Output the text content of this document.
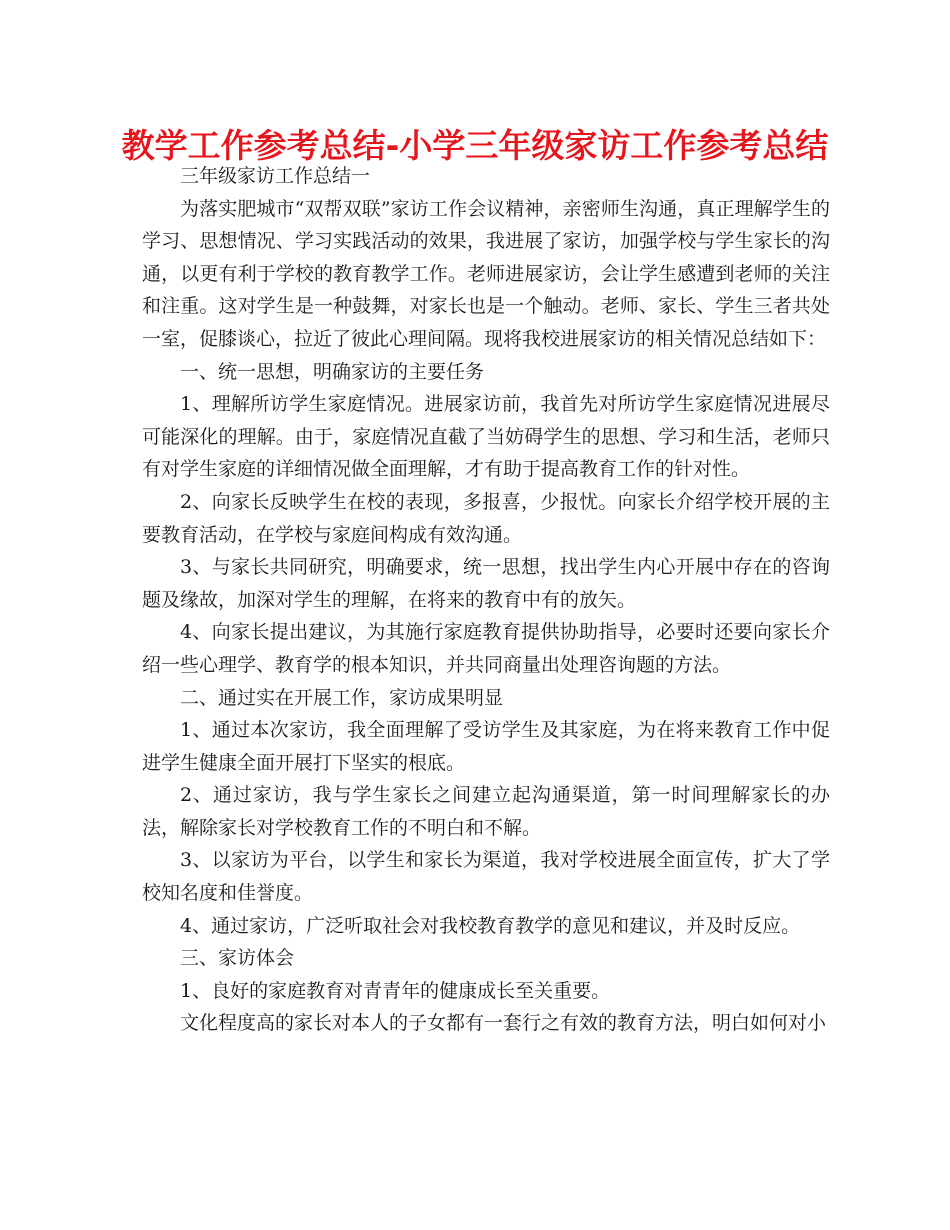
教学工作参考总结-小学三年级家访工作参考总结

三年级家访工作总结一

为落实肥城市“双帮双联”家访工作会议精神，亲密师生沟通，真正理解学生的学习、思想情况、学习实践活动的效果，我进展了家访，加强学校与学生家长的沟通，以更有利于学校的教育教学工作。老师进展家访，会让学生感遭到老师的关注和注重。这对学生是一种鼓舞，对家长也是一个触动。老师、家长、学生三者共处一室，促膝谈心，拉近了彼此心理间隔。现将我校进展家访的相关情况总结如下：

一、统一思想，明确家访的主要任务

1、理解所访学生家庭情况。进展家访前，我首先对所访学生家庭情况进展尽可能深化的理解。由于，家庭情况直截了当妨碍学生的思想、学习和生活，老师只有对学生家庭的详细情况做全面理解，才有助于提高教育工作的针对性。

2、向家长反映学生在校的表现，多报喜，少报忧。向家长介绍学校开展的主要教育活动，在学校与家庭间构成有效沟通。

3、与家长共同研究，明确要求，统一思想，找出学生内心开展中存在的咨询题及缘故，加深对学生的理解，在将来的教育中有的放矢。

4、向家长提出建议，为其施行家庭教育提供协助指导，必要时还要向家长介绍一些心理学、教育学的根本知识，并共同商量出处理咨询题的方法。

二、通过实在开展工作，家访成果明显

1、通过本次家访，我全面理解了受访学生及其家庭，为在将来教育工作中促进学生健康全面开展打下坚实的根底。

2、通过家访，我与学生家长之间建立起沟通渠道，第一时间理解家长的办法，解除家长对学校教育工作的不明白和不解。

3、以家访为平台，以学生和家长为渠道，我对学校进展全面宣传，扩大了学校知名度和佳誉度。

4、通过家访，广泛听取社会对我校教育教学的意见和建议，并及时反应。

三、家访体会

1、良好的家庭教育对青青年的健康成长至关重要。

文化程度高的家长对本人的子女都有一套行之有效的教育方法，明白如何对小
